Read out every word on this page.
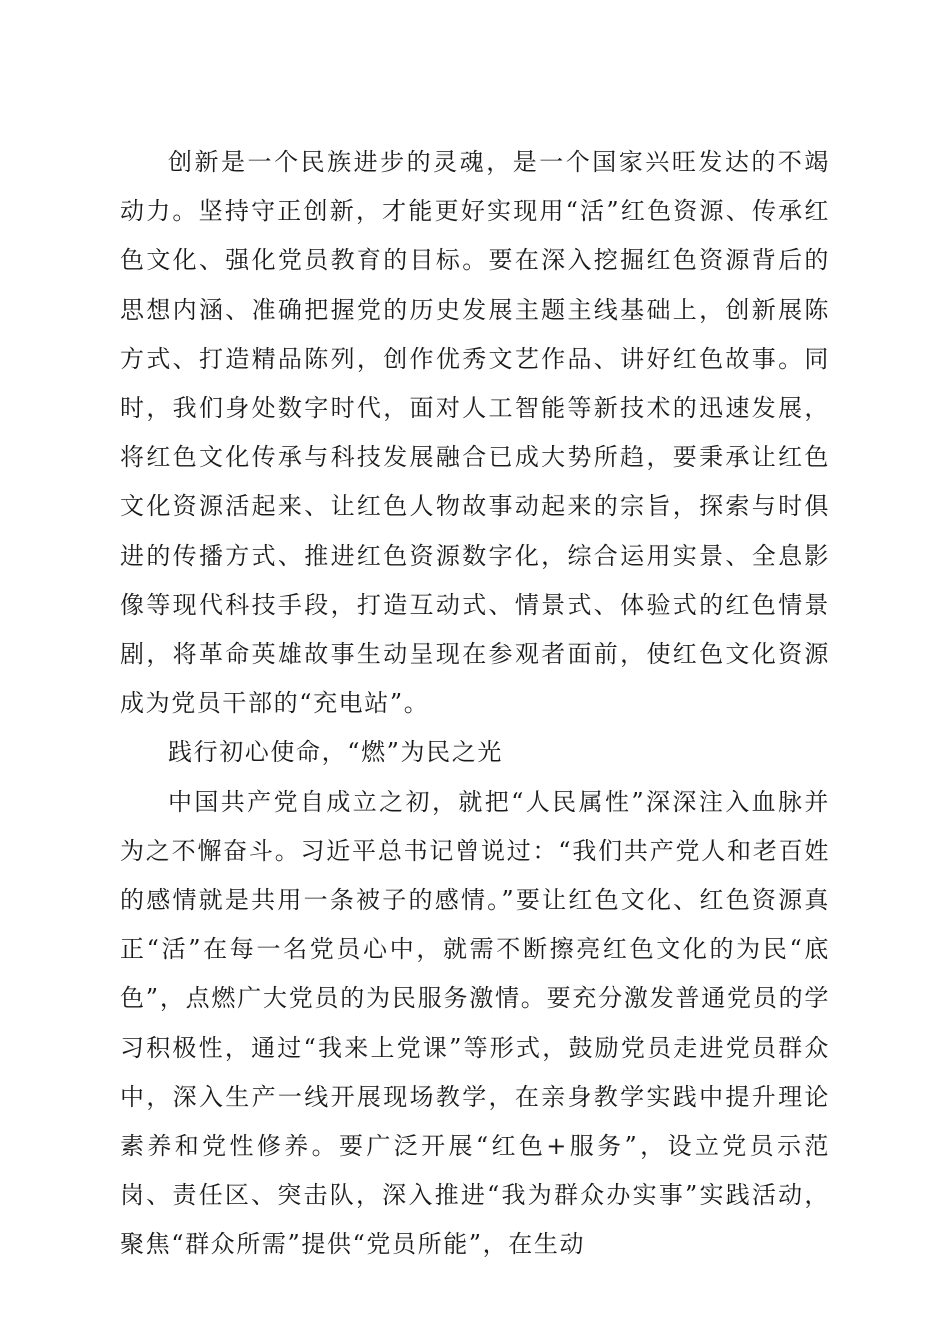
创新是一个民族进步的灵魂，是一个国家兴旺发达的不竭动力。坚持守正创新，才能更好实现用“活”红色资源、传承红色文化、强化党员教育的目标。要在深入挖掘红色资源背后的思想内涵、准确把握党的历史发展主题主线基础上，创新展陈方式、打造精品陈列，创作优秀文艺作品、讲好红色故事。同时，我们身处数字时代，面对人工智能等新技术的迅速发展，将红色文化传承与科技发展融合已成大势所趋，要秉承让红色文化资源活起来、让红色人物故事动起来的宗旨，探索与时俱进的传播方式、推进红色资源数字化，综合运用实景、全息影像等现代科技手段，打造互动式、情景式、体验式的红色情景剧，将革命英雄故事生动呈现在参观者面前，使红色文化资源成为党员干部的“充电站”。

践行初心使命，“燃”为民之光

中国共产党自成立之初，就把“人民属性”深深注入血脉并为之不懈奋斗。习近平总书记曾说过：“我们共产党人和老百姓的感情就是共用一条被子的感情。”要让红色文化、红色资源真正“活”在每一名党员心中，就需不断擦亮红色文化的为民“底色”，点燃广大党员的为民服务激情。要充分激发普通党员的学习积极性，通过“我来上党课”等形式，鼓励党员走进党员群众中，深入生产一线开展现场教学，在亲身教学实践中提升理论素养和党性修养。要广泛开展“红色+服务”，设立党员示范岗、责任区、突击队，深入推进“我为群众办实事”实践活动，聚焦“群众所需”提供“党员所能”，在生动
